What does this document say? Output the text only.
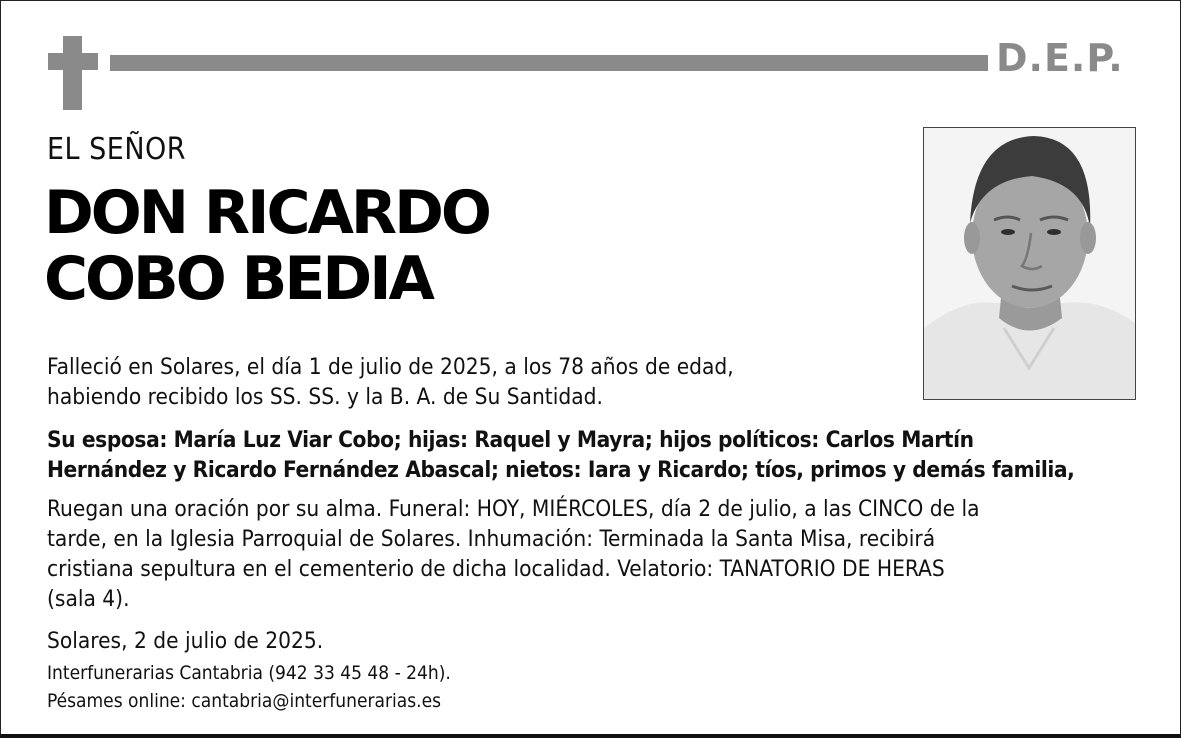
D.E.P.
EL SEÑOR
DON RICARDO
COBO BEDIA
Falleció en Solares, el día 1 de julio de 2025, a los 78 años de edad,
habiendo recibido los SS. SS. y la B. A. de Su Santidad.
Su esposa: María Luz Viar Cobo; hijas: Raquel y Mayra; hijos políticos: Carlos Martín
Hernández y Ricardo Fernández Abascal; nietos: Iara y Ricardo; tíos, primos y demás familia,
Ruegan una oración por su alma. Funeral: HOY, MIÉRCOLES, día 2 de julio, a las CINCO de la
tarde, en la Iglesia Parroquial de Solares. Inhumación: Terminada la Santa Misa, recibirá
cristiana sepultura en el cementerio de dicha localidad. Velatorio: TANATORIO DE HERAS
(sala 4).
Solares, 2 de julio de 2025.
Interfunerarias Cantabria (942 33 45 48 - 24h).
Pésames online: cantabria@interfunerarias.es
